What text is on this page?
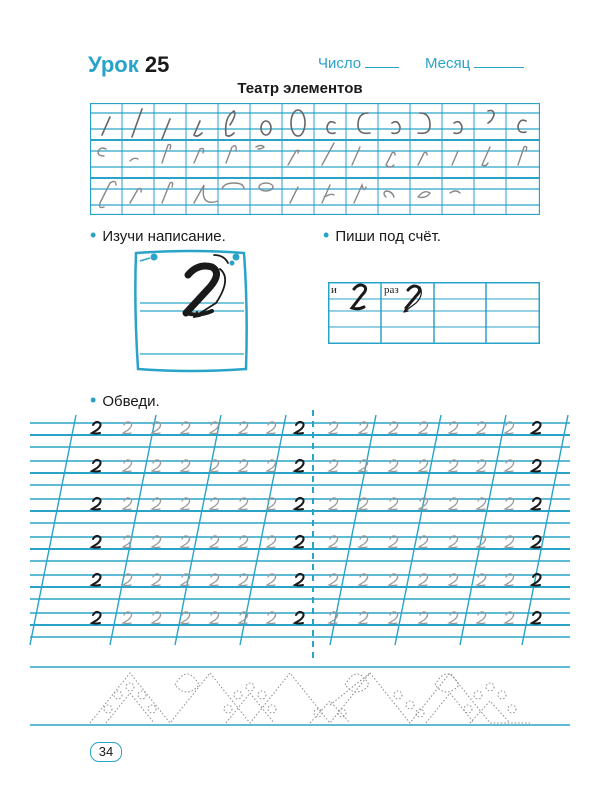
Урок 25	Число	Месяц
Театр элементов
• Изучи написание.	• Пиши под счёт.
и	раз
• Обведи.
34
